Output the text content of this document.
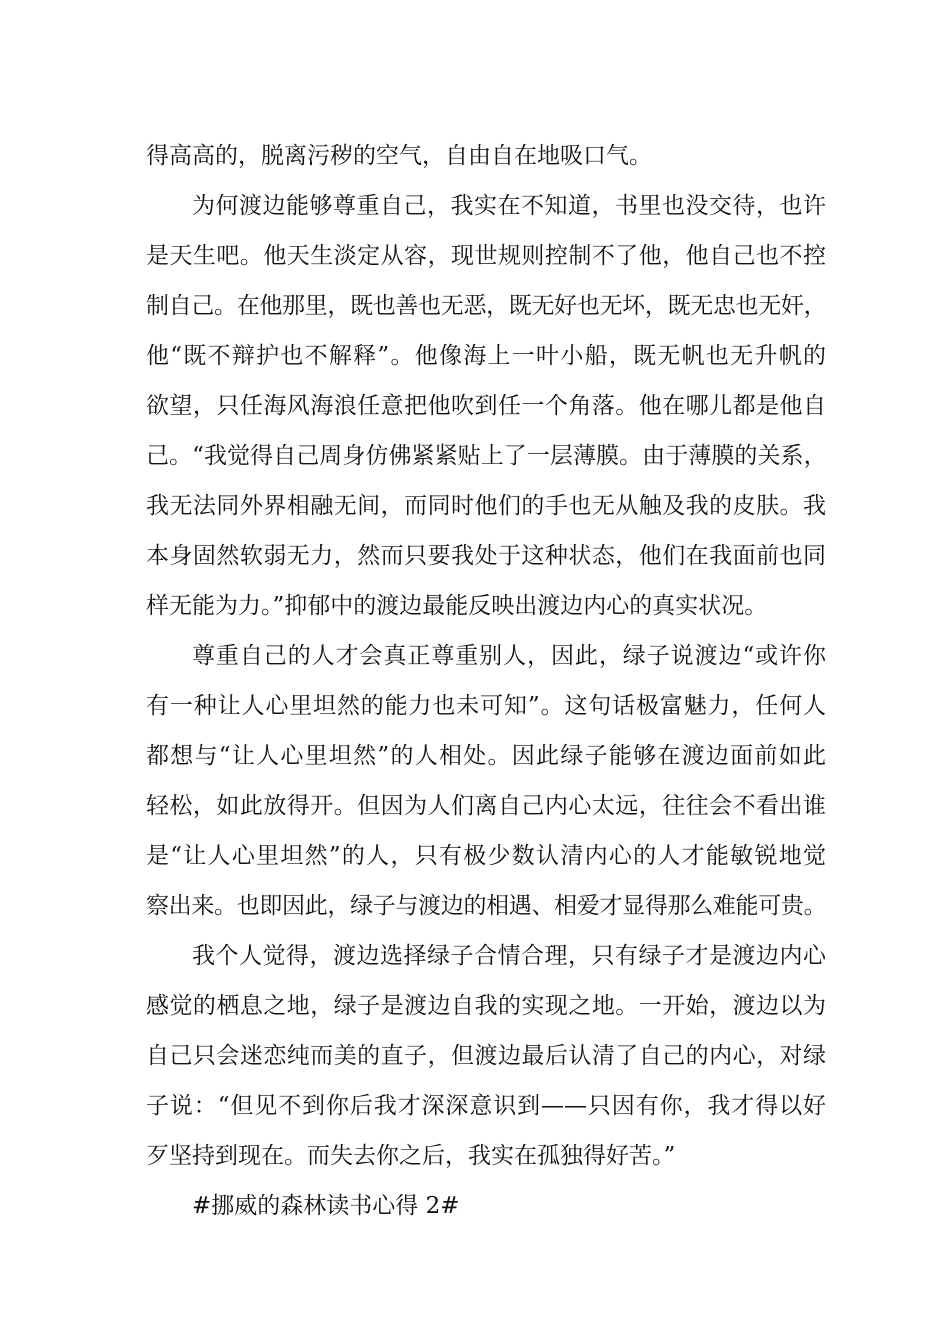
得高高的，脱离污秽的空气，自由自在地吸口气。
为何渡边能够尊重自己，我实在不知道，书里也没交待，也许
是天生吧。他天生淡定从容，现世规则控制不了他，他自己也不控
制自己。在他那里，既也善也无恶，既无好也无坏，既无忠也无奸，
他“既不辩护也不解释”。他像海上一叶小船，既无帆也无升帆的
欲望，只任海风海浪任意把他吹到任一个角落。他在哪儿都是他自
己。“我觉得自己周身仿佛紧紧贴上了一层薄膜。由于薄膜的关系，
我无法同外界相融无间，而同时他们的手也无从触及我的皮肤。我
本身固然软弱无力，然而只要我处于这种状态，他们在我面前也同
样无能为力。”抑郁中的渡边最能反映出渡边内心的真实状况。
尊重自己的人才会真正尊重别人，因此，绿子说渡边“或许你
有一种让人心里坦然的能力也未可知”。这句话极富魅力，任何人
都想与“让人心里坦然”的人相处。因此绿子能够在渡边面前如此
轻松，如此放得开。但因为人们离自己内心太远，往往会不看出谁
是“让人心里坦然”的人，只有极少数认清内心的人才能敏锐地觉
察出来。也即因此，绿子与渡边的相遇、相爱才显得那么难能可贵。
我个人觉得，渡边选择绿子合情合理，只有绿子才是渡边内心
感觉的栖息之地，绿子是渡边自我的实现之地。一开始，渡边以为
自己只会迷恋纯而美的直子，但渡边最后认清了自己的内心，对绿
子说：“但见不到你后我才深深意识到——只因有你，我才得以好
歹坚持到现在。而失去你之后，我实在孤独得好苦。”
#挪威的森林读书心得 2#
